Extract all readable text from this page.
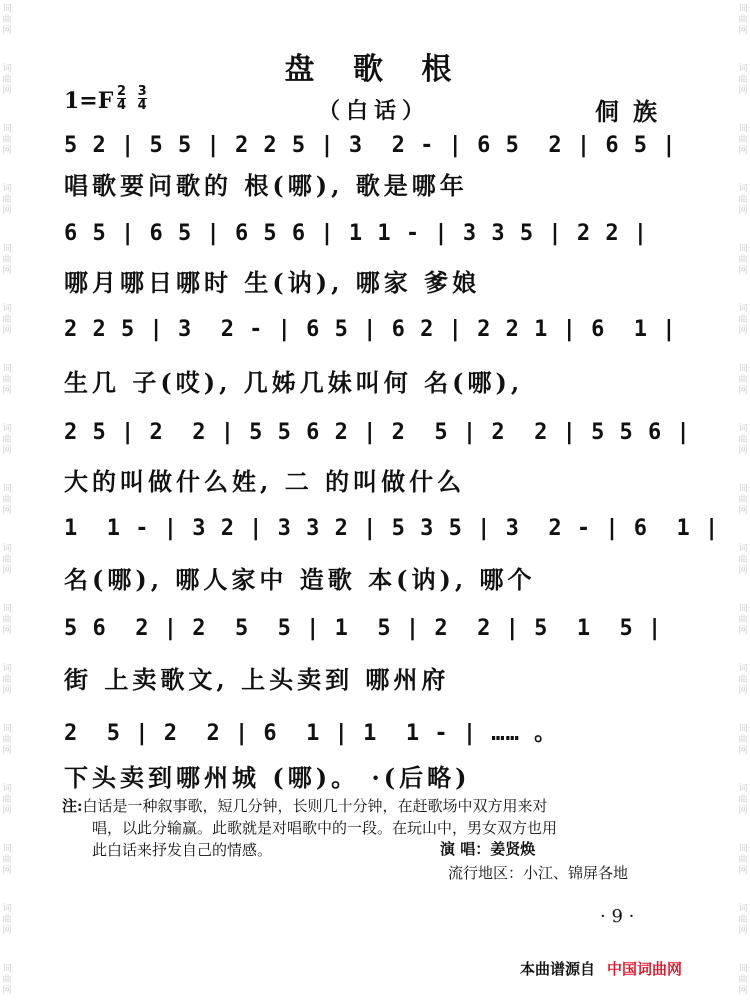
词
曲
网
词
曲
网
词
曲
网
词
曲
网
词
曲
网
词
曲
网
词
曲
网
词
曲
网
词
曲
网
词
曲
网
词
曲
网
词
曲
网
词
曲
网
词
曲
网
词
曲
网
词
曲
网
词
曲
网
词
曲
网
词
曲
网
词
曲
网
词
曲
网
词
曲
网
词
曲
网
词
曲
网
词
曲
网
词
曲
网
词
曲
网
词
曲
网
词
曲
网
词
曲
网
词
曲
网
词
曲
网
词
曲
网
词
曲
网
盘 歌 根
$1=F \frac{2}{4}$
$\frac{3}{4}$	（白话）	侗族
5 2 | 5 5 | 2 2 5 | 3  2 - | 6 5  2 | 6 5 |
唱歌要问歌的 根(哪), 歌是哪年
6 5 | 6 5 | 6 5 6 | 1 1 - | 3 3 5 | 2 2 |
哪月哪日哪时 生(讷), 哪家 爹娘
2 2 5 | 3  2 - | 6 5 | 6 2 | 2 2 1 | 6  1 |
生几 子(哎), 几姊几妹叫何 名(哪),
2 5 | 2  2 | 5 5 6 2 | 2  5 | 2  2 | 5 5 6 |
大的叫做什么姓, 二 的叫做什么
1  1 - | 3 2 | 3 3 2 | 5 3 5 | 3  2 - | 6  1 |
名(哪), 哪人家中 造歌 本(讷), 哪个
5 6  2 | 2  5  5 | 1  5 | 2  2 | 5  1  5 |
街 上卖歌文, 上头卖到 哪州府
2  5 | 2  2 | 6  1 | 1  1 - | …… 。
下头卖到哪州城 (哪)。 ·(后略)

注:白话是一种叙事歌，短几分钟，长则几十分钟，在赶歌场中双方用来对

唱，以此分输赢。此歌就是对唱歌中的一段。在玩山中，男女双方也用

此白话来抒发自己的情感。	演 唱：姜贤焕
流行地区：小江、锦屏各地
· 9 ·
本曲谱源自 中国词曲网
